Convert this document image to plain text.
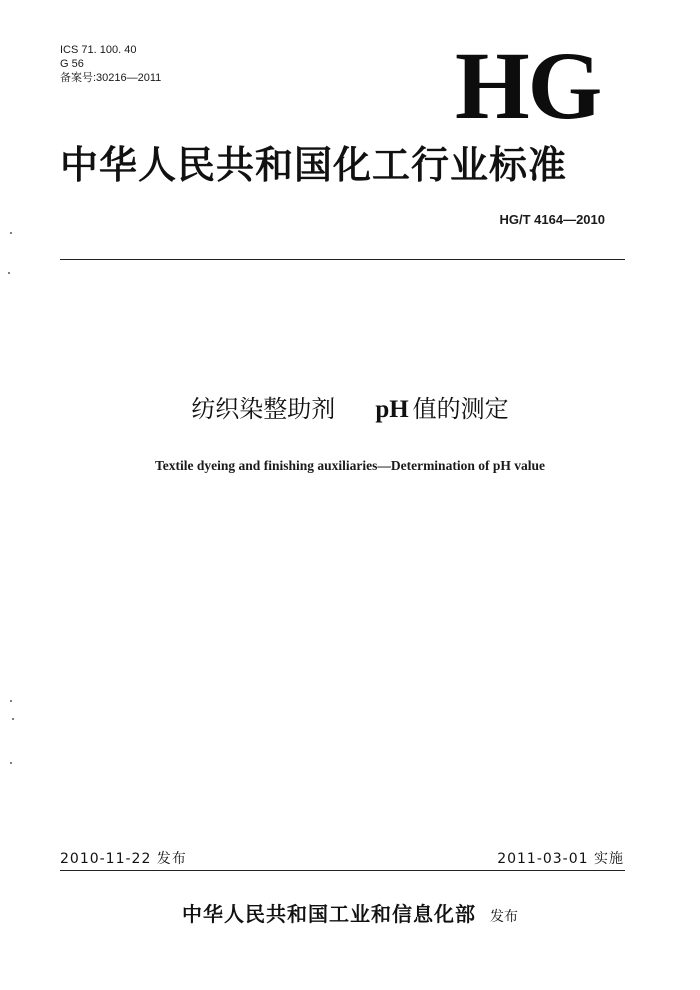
ICS 71. 100. 40
G 56
备案号:30216—2011	HG
中华人民共和国化工行业标准
HG/T 4164—2010
纺织染整助剂 pH 值的测定
Textile dyeing and finishing auxiliaries—Determination of pH value
2010-11-22 发布	2011-03-01 实施
中华人民共和国工业和信息化部 发布
